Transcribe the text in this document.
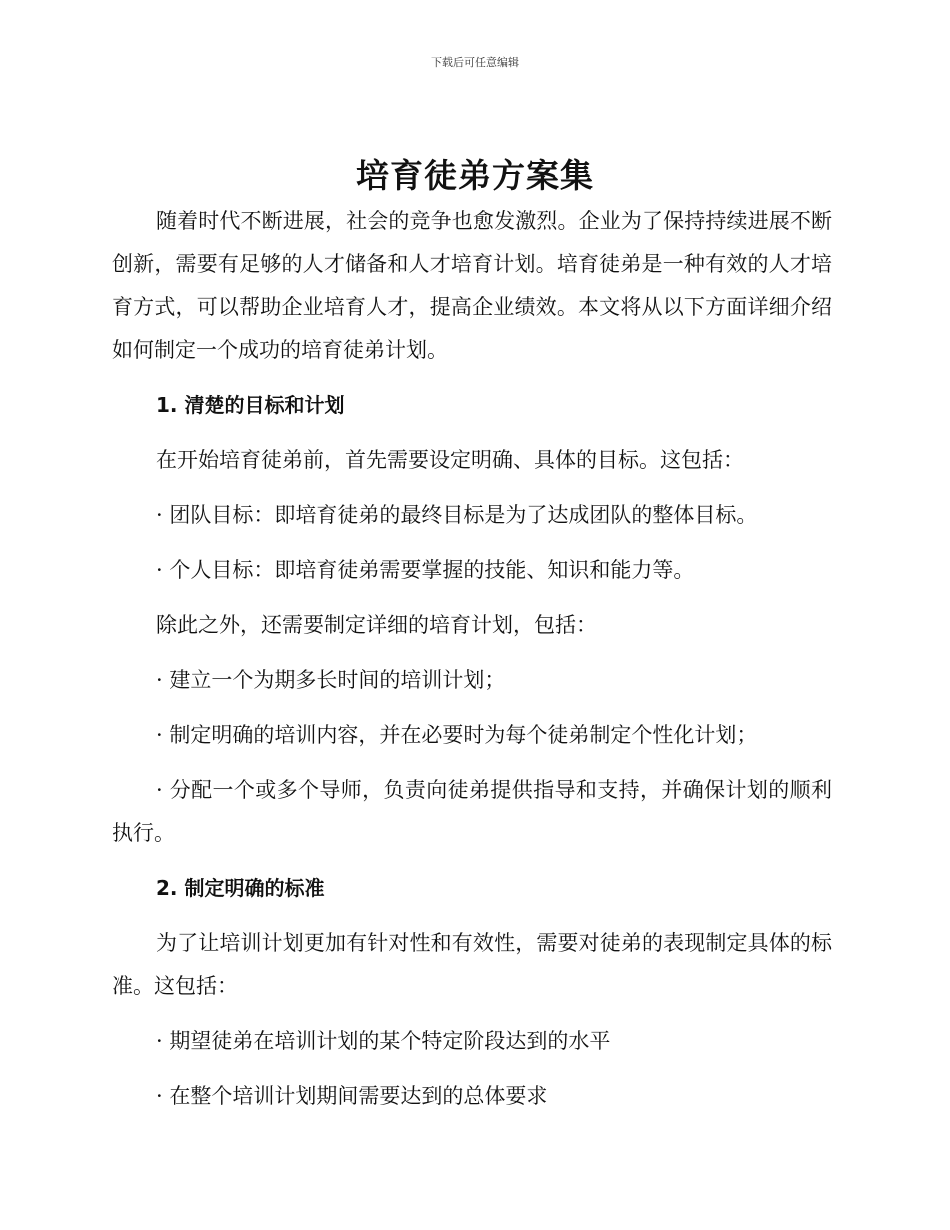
下载后可任意编辑
培育徒弟方案集

随着时代不断进展，社会的竞争也愈发激烈。企业为了保持持续进展不断创新，需要有足够的人才储备和人才培育计划。培育徒弟是一种有效的人才培育方式，可以帮助企业培育人才，提高企业绩效。本文将从以下方面详细介绍如何制定一个成功的培育徒弟计划。

1. 清楚的目标和计划

在开始培育徒弟前，首先需要设定明确、具体的目标。这包括：

· 团队目标：即培育徒弟的最终目标是为了达成团队的整体目标。

· 个人目标：即培育徒弟需要掌握的技能、知识和能力等。

除此之外，还需要制定详细的培育计划，包括：

· 建立一个为期多长时间的培训计划；

· 制定明确的培训内容，并在必要时为每个徒弟制定个性化计划；

· 分配一个或多个导师，负责向徒弟提供指导和支持，并确保计划的顺利执行。

2. 制定明确的标准

为了让培训计划更加有针对性和有效性，需要对徒弟的表现制定具体的标准。这包括：

· 期望徒弟在培训计划的某个特定阶段达到的水平

· 在整个培训计划期间需要达到的总体要求
